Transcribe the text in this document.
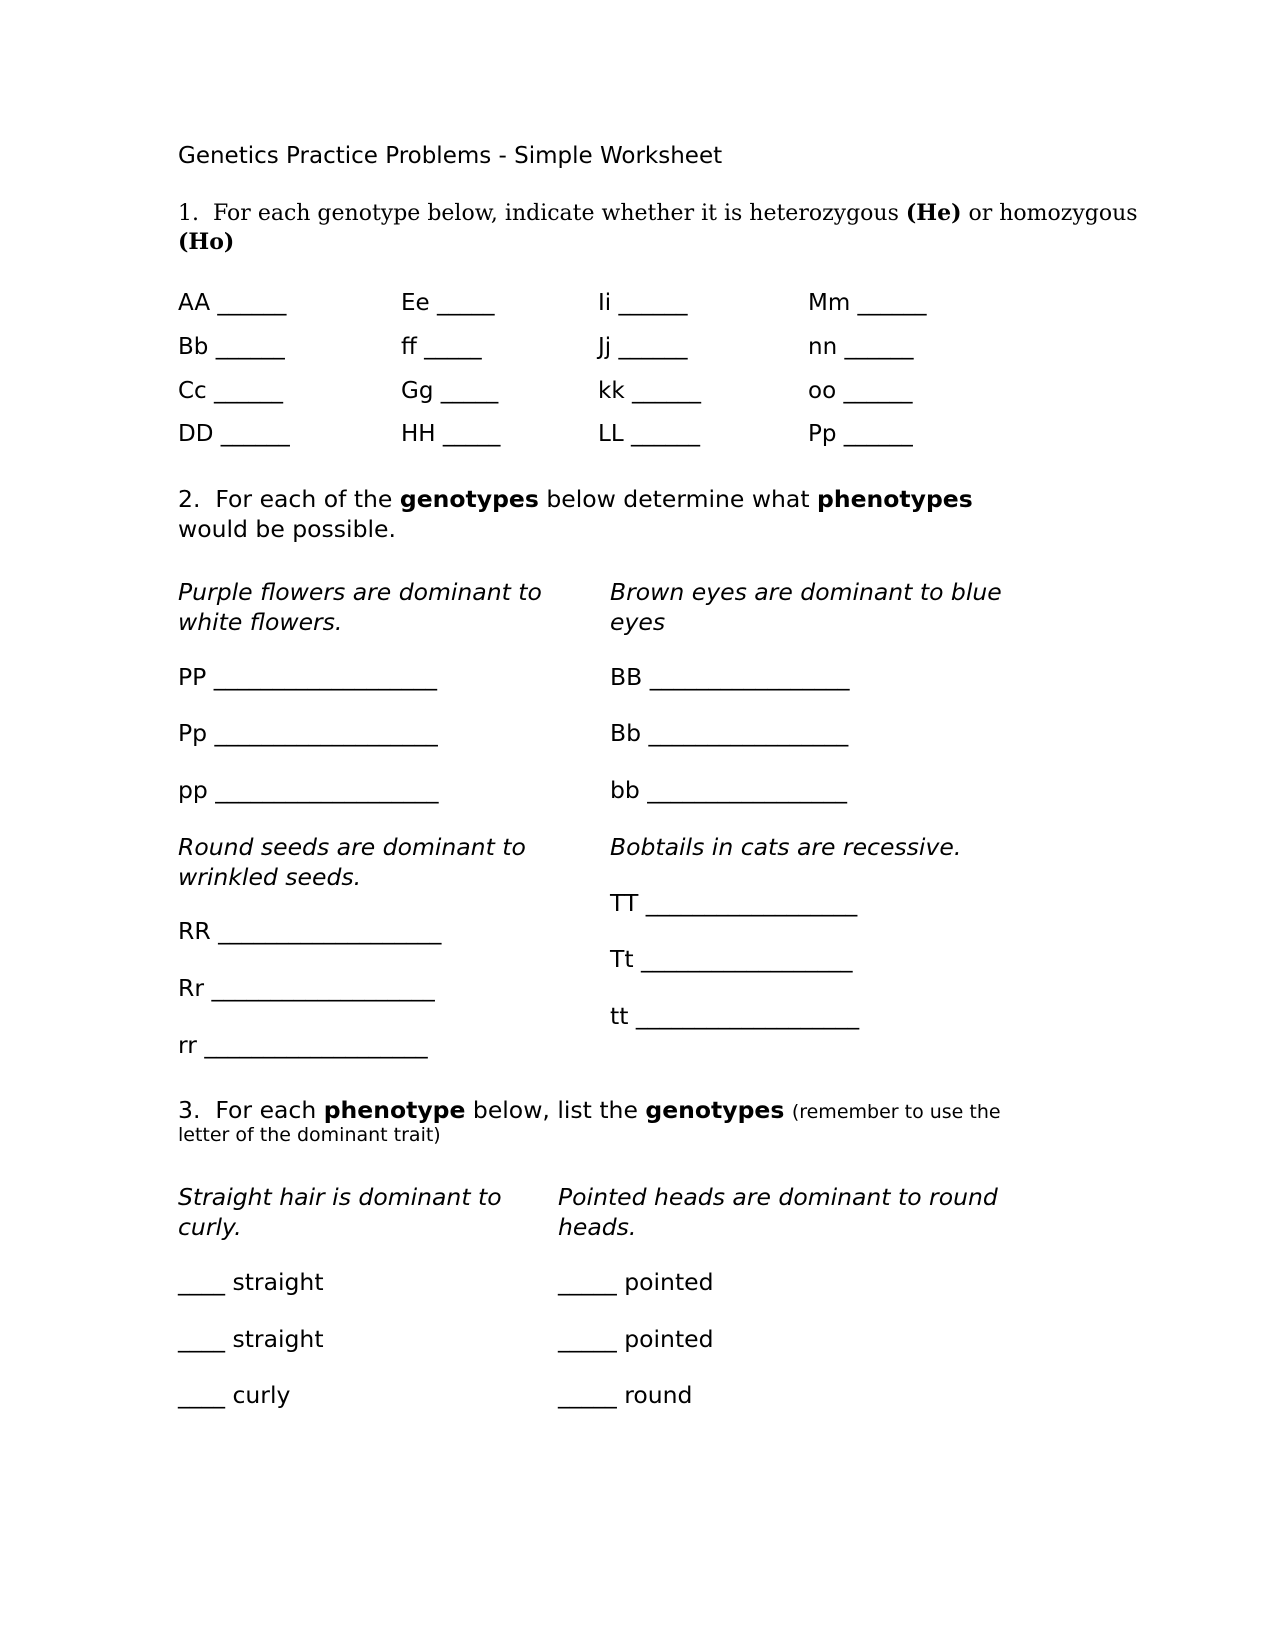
Genetics Practice Problems - Simple Worksheet
1. For each genotype below, indicate whether it is heterozygous (He) or homozygous
(Ho)
AA ______	Ee _____	Ii ______	Mm ______
Bb ______	ff _____	Jj ______	nn ______
Cc ______	Gg _____	kk ______	oo ______
DD ______	HH _____	LL ______	Pp ______
2. For each of the genotypes below determine what phenotypes
would be possible.
Purple flowers are dominant to
white flowers.
PP ___________________
Pp ___________________
pp ___________________
Brown eyes are dominant to blue
eyes
BB _________________
Bb _________________
bb _________________
Round seeds are dominant to
wrinkled seeds.
RR ___________________
Rr ___________________
rr ___________________
Bobtails in cats are recessive.
TT __________________
Tt __________________
tt ___________________
3. For each phenotype below, list the genotypes (remember to use the
letter of the dominant trait)
Straight hair is dominant to
curly.
____ straight
____ straight
____ curly
Pointed heads are dominant to round
heads.
_____ pointed
_____ pointed
_____ round
